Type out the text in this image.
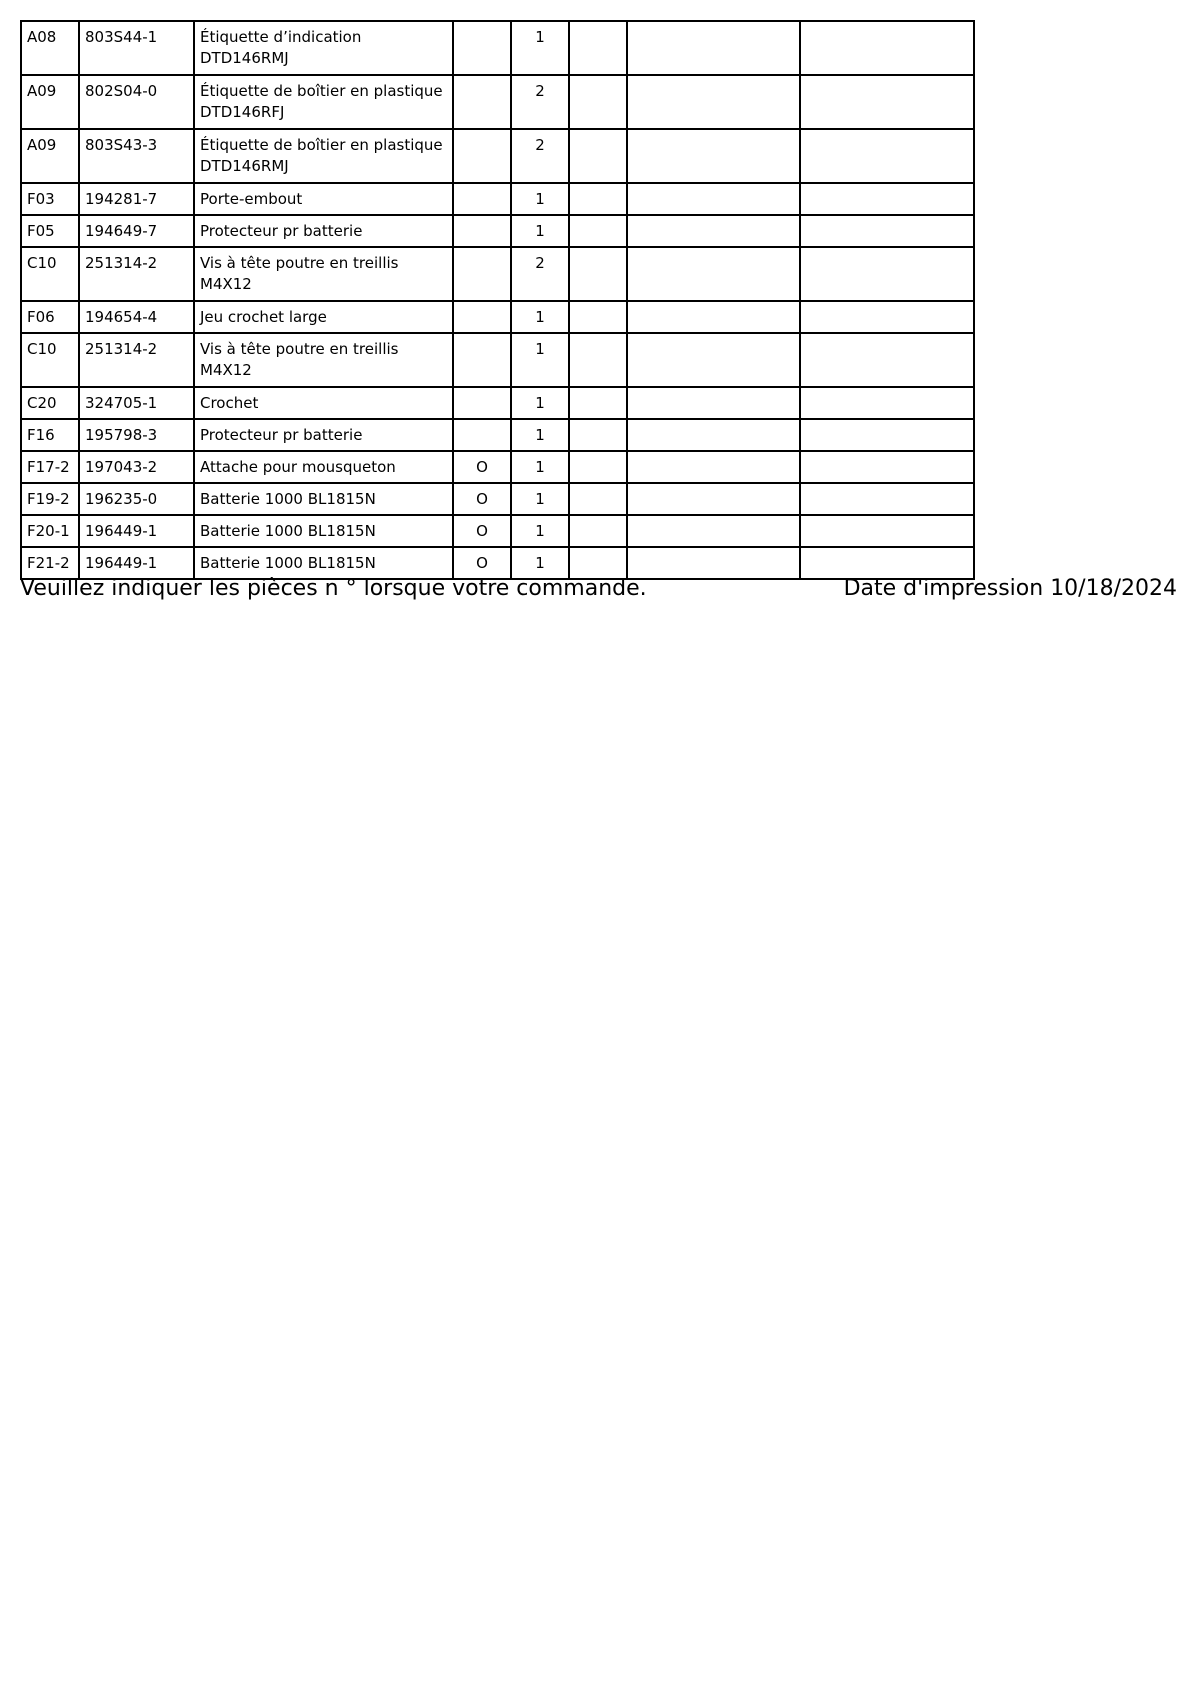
A08	803S44-1	Étiquette d’indication DTD146RMJ		1			
A09	802S04-0	Étiquette de boîtier en plastique DTD146RFJ		2			
A09	803S43-3	Étiquette de boîtier en plastique DTD146RMJ		2			
F03	194281-7	Porte-embout		1			
F05	194649-7	Protecteur pr batterie		1			
C10	251314-2	Vis à tête poutre en treillis M4X12		2			
F06	194654-4	Jeu crochet large		1			
C10	251314-2	Vis à tête poutre en treillis M4X12		1			
C20	324705-1	Crochet		1			
F16	195798-3	Protecteur pr batterie		1			
F17-2	197043-2	Attache pour mousqueton	O	1			
F19-2	196235-0	Batterie 1000 BL1815N	O	1			
F20-1	196449-1	Batterie 1000 BL1815N	O	1			
F21-2	196449-1	Batterie 1000 BL1815N	O	1			
Veuillez indiquer les pièces n ° lorsque votre commande.	Date d'impression 10/18/2024
